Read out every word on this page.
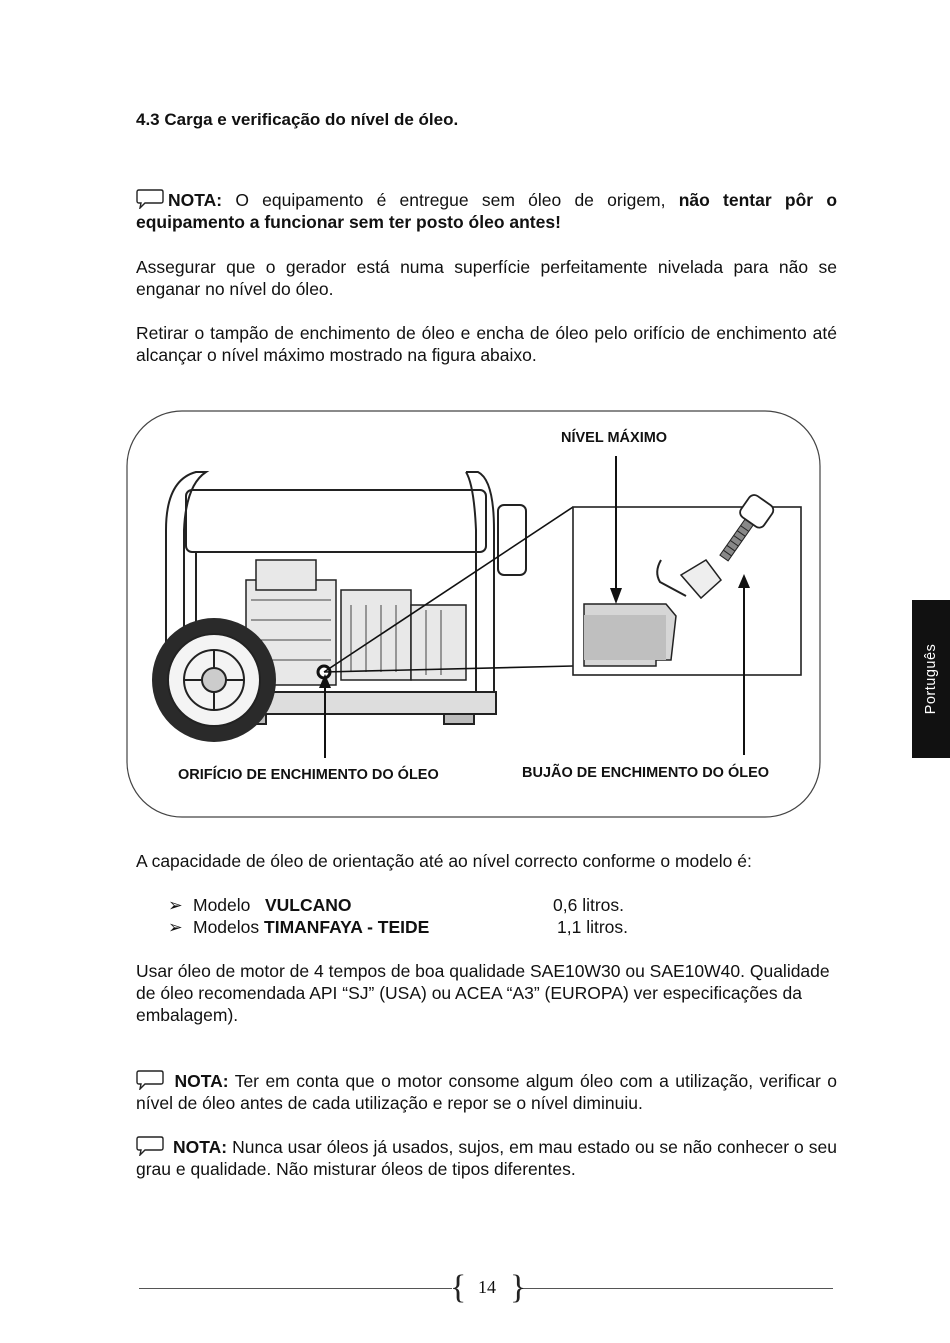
4.3 Carga e verificação do nível de óleo.
NOTA: O equipamento é entregue sem óleo de origem, não tentar pôr o equipamento a funcionar sem ter posto óleo antes!
Assegurar que o gerador está numa superfície perfeitamente nivelada para não se enganar no nível do óleo.
Retirar o tampão de enchimento de óleo e encha de óleo pelo orifício de enchimento até alcançar o nível máximo mostrado na figura abaixo.
NÍVEL MÁXIMO
ORIFÍCIO DE ENCHIMENTO DO ÓLEO	BUJÃO DE ENCHIMENTO DO ÓLEO
A capacidade de óleo de orientação até ao nível correcto conforme o modelo é:
➢ Modelo   VULCANO	0,6 litros.
➢ Modelos TIMANFAYA - TEIDE	1,1 litros.
Usar óleo de motor de 4 tempos de boa qualidade SAE10W30 ou SAE10W40. Qualidade de óleo recomendada API “SJ” (USA) ou ACEA “A3” (EUROPA) ver especificações da embalagem).
NOTA: Ter em conta que o motor consome algum óleo com a utilização, verificar o nível de óleo antes de cada utilização e repor se o nível diminuiu.
NOTA: Nunca usar óleos já usados, sujos, em mau estado ou se não conhecer o seu grau e qualidade. Não misturar óleos de tipos diferentes.
Português
{ }
14
